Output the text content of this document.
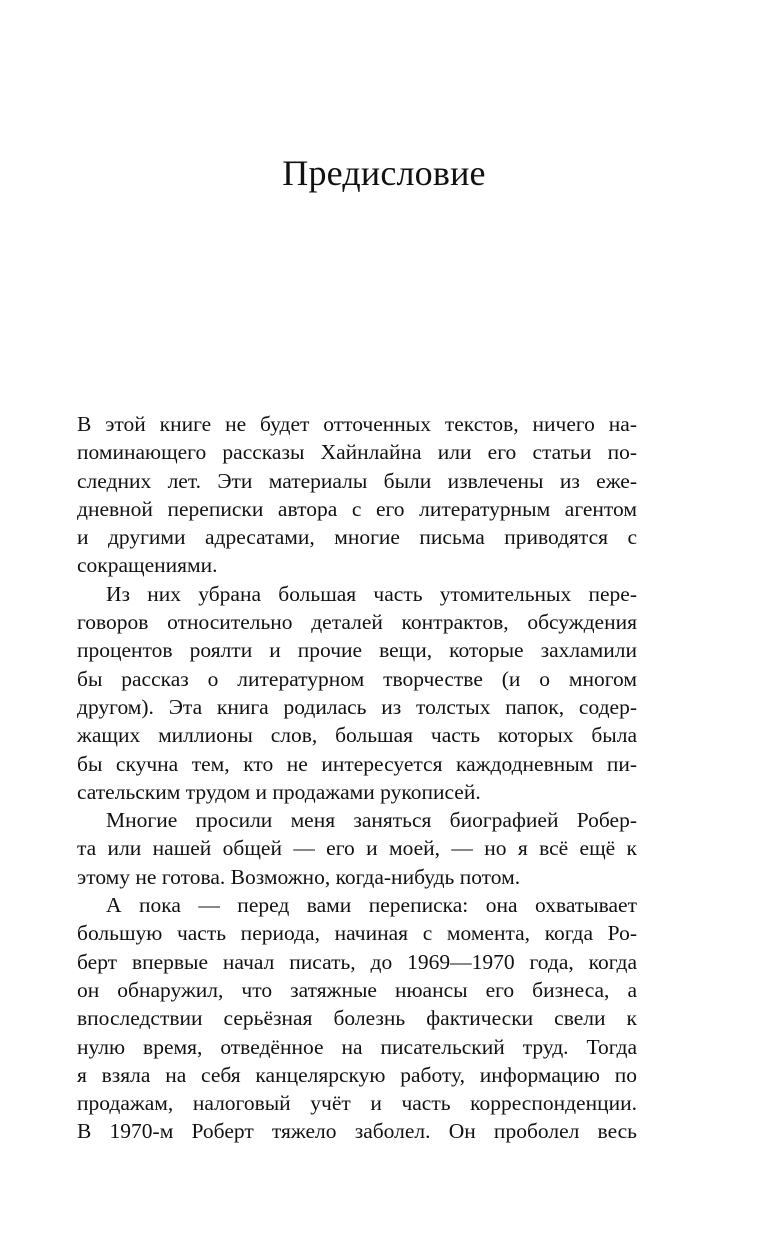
Предисловие
В этой книге не будет отточенных текстов, ничего на-
поминающего рассказы Хайнлайна или его статьи по-
следних лет. Эти материалы были извлечены из еже-
дневной переписки автора с его литературным агентом
и другими адресатами, многие письма приводятся с
сокращениями.
Из них убрана большая часть утомительных пере-
говоров относительно деталей контрактов, обсуждения
процентов роялти и прочие вещи, которые захламили
бы рассказ о литературном творчестве (и о многом
другом). Эта книга родилась из толстых папок, содер-
жащих миллионы слов, большая часть которых была
бы скучна тем, кто не интересуется каждодневным пи-
сательским трудом и продажами рукописей.
Многие просили меня заняться биографией Робер-
та или нашей общей — его и моей, — но я всё ещё к
этому не готова. Возможно, когда-нибудь потом.
А пока — перед вами переписка: она охватывает
большую часть периода, начиная с момента, когда Ро-
берт впервые начал писать, до 1969—1970 года, когда
он обнаружил, что затяжные нюансы его бизнеса, а
впоследствии серьёзная болезнь фактически свели к
нулю время, отведённое на писательский труд. Тогда
я взяла на себя канцелярскую работу, информацию по
продажам, налоговый учёт и часть корреспонденции.
В 1970-м Роберт тяжело заболел. Он проболел весь
